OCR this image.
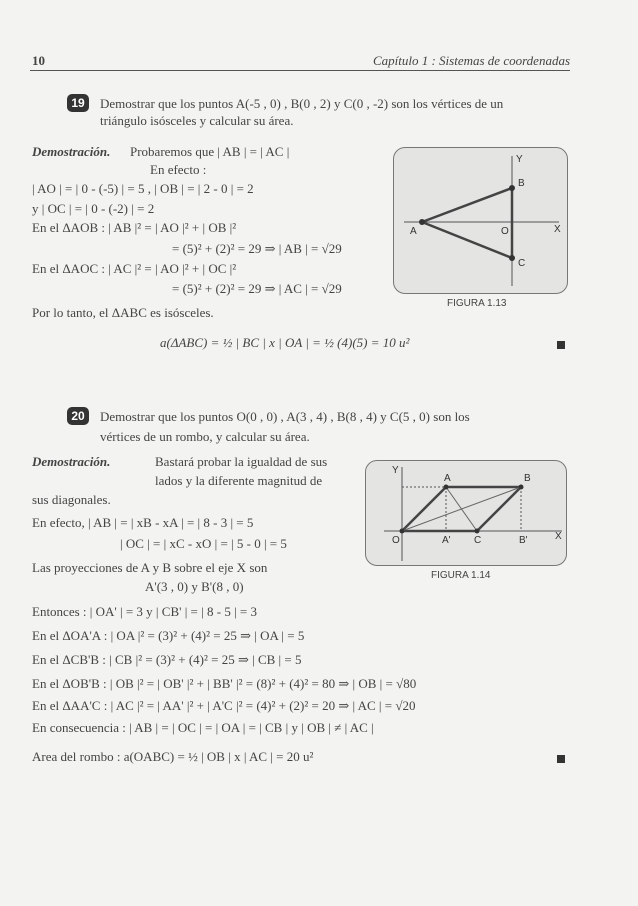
10	Capítulo 1 : Sistemas de coordenadas
19	Demostrar que los puntos A(-5 , 0) , B(0 , 2) y C(0 , -2) son los vértices de un
triángulo isósceles y calcular su área.
Demostración. Probaremos que | AB | = | AC |
En efecto :
| AO | = | 0 - (-5) | = 5 , | OB | = | 2 - 0 | = 2
y | OC | = | 0 - (-2) | = 2
En el ΔAOB : | AB |² = | AO |² + | OB |²
= (5)² + (2)² = 29 ⇒ | AB | = √29
En el ΔAOC : | AC |² = | AO |² + | OC |²
= (5)² + (2)² = 29 ⇒ | AC | = √29
Por lo tanto, el ΔABC es isósceles.
a(ΔABC) = ½ | BC | x | OA | = ½ (4)(5) = 10 u²
A
B
C
O	X
Y
FIGURA 1.13
20	Demostrar que los puntos O(0 , 0) , A(3 , 4) , B(8 , 4) y C(5 , 0) son los
vértices de un rombo, y calcular su área.
Demostración.	Bastará probar la igualdad de sus
lados y la diferente magnitud de
sus diagonales.
En efecto, | AB | = | xB - xA | = | 8 - 3 | = 5
| OC | = | xC - xO | = | 5 - 0 | = 5
Las proyecciones de A y B sobre el eje X son
A'(3 , 0) y B'(8 , 0)
Entonces : | OA' | = 3 y | CB' | = | 8 - 5 | = 3
En el ΔOA'A : | OA |² = (3)² + (4)² = 25 ⇒ | OA | = 5
En el ΔCB'B : | CB |² = (3)² + (4)² = 25 ⇒ | CB | = 5
En el ΔOB'B : | OB |² = | OB' |² + | BB' |² = (8)² + (4)² = 80 ⇒ | OB | = √80
En el ΔAA'C : | AC |² = | AA' |² + | A'C |² = (4)² + (2)² = 20 ⇒ | AC | = √20
En consecuencia : | AB | = | OC | = | OA | = | CB | y | OB | ≠ | AC |
Area del rombo : a(OABC) = ½ | OB | x | AC | = 20 u²
A	B
C
O	A'	B'	X
Y
FIGURA 1.14
